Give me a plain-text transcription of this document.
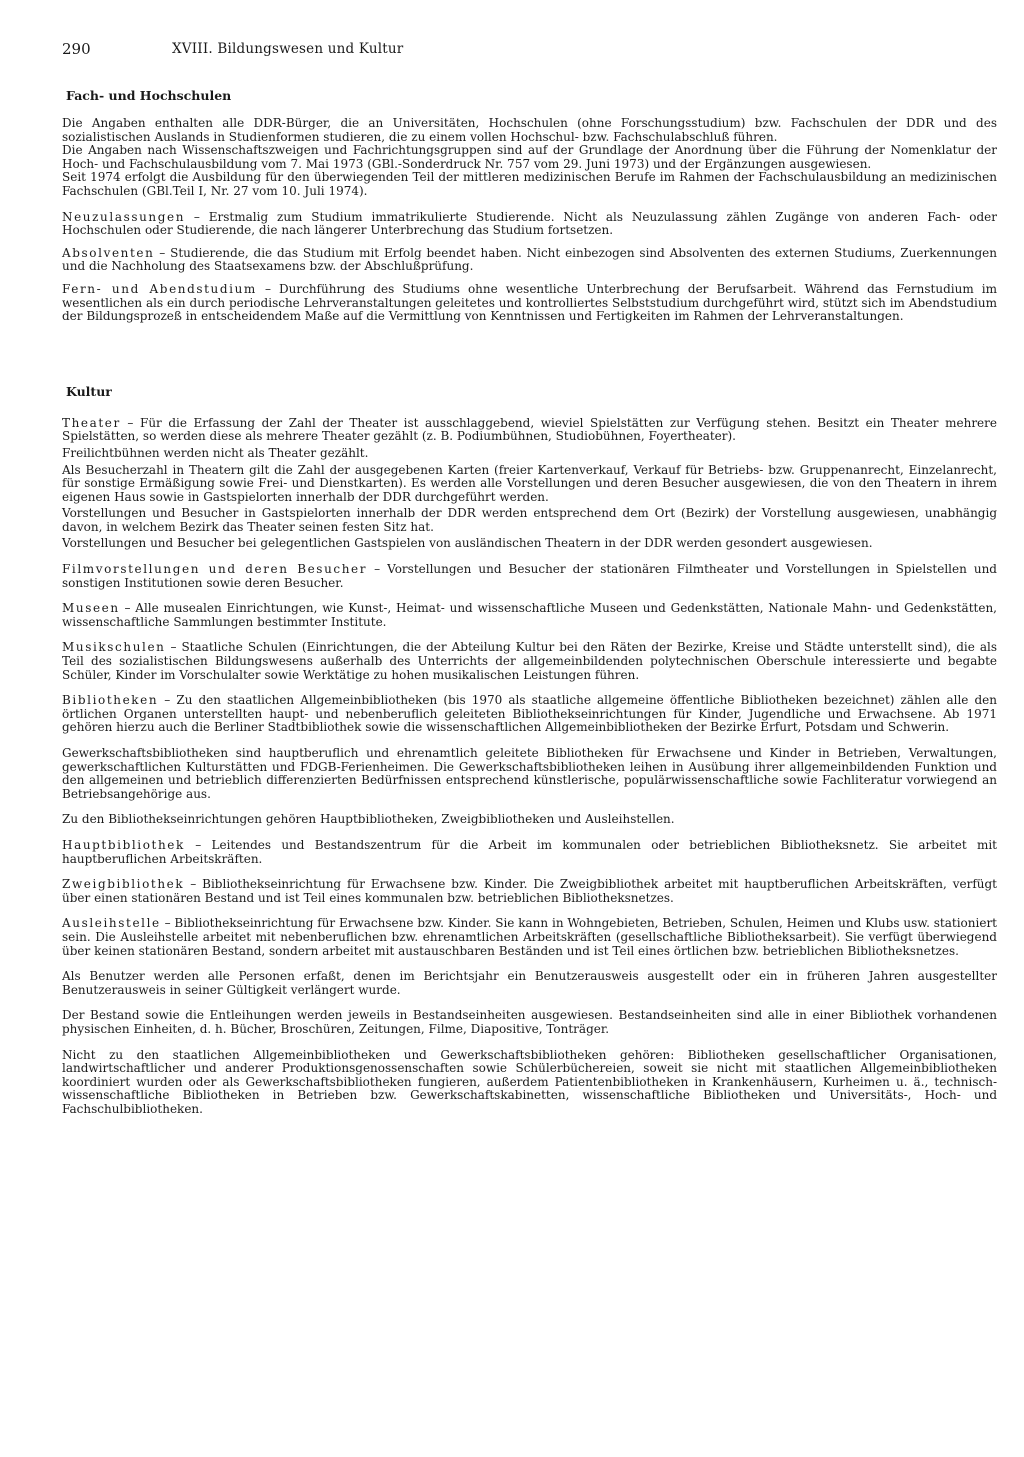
290	XVIII. Bildungswesen und Kultur
Fach- und Hochschulen

Die Angaben enthalten alle DDR-Bürger, die an Universitäten, Hochschulen (ohne Forschungsstudium) bzw. Fachschulen der DDR und des sozialistischen Auslands in Studienformen studieren, die zu einem vollen Hochschul- bzw. Fachschulabschluß führen.

Die Angaben nach Wissenschaftszweigen und Fachrichtungsgruppen sind auf der Grundlage der Anordnung über die Führung der Nomenklatur der Hoch- und Fachschulausbildung vom 7. Mai 1973 (GBl.-Sonderdruck Nr. 757 vom 29. Juni 1973) und der Ergänzungen ausgewiesen.

Seit 1974 erfolgt die Ausbildung für den überwiegenden Teil der mittleren medizinischen Berufe im Rahmen der Fachschulausbildung an medizinischen Fachschulen (GBl.Teil I, Nr. 27 vom 10. Juli 1974).

Neuzulassungen – Erstmalig zum Studium immatrikulierte Studierende. Nicht als Neuzulassung zählen Zugänge von anderen Fach- oder Hochschulen oder Studierende, die nach längerer Unterbrechung das Studium fortsetzen.

Absolventen – Studierende, die das Studium mit Erfolg beendet haben. Nicht einbezogen sind Absolventen des externen Studiums, Zuerkennungen und die Nachholung des Staatsexamens bzw. der Abschlußprüfung.

Fern- und Abendstudium – Durchführung des Studiums ohne wesentliche Unterbrechung der Berufsarbeit. Während das Fernstudium im wesentlichen als ein durch periodische Lehrveranstaltungen geleitetes und kontrolliertes Selbststudium durchgeführt wird, stützt sich im Abendstudium der Bildungsprozeß in entscheidendem Maße auf die Vermittlung von Kenntnissen und Fertigkeiten im Rahmen der Lehrveranstaltungen.

Kultur

Theater – Für die Erfassung der Zahl der Theater ist ausschlaggebend, wieviel Spielstätten zur Verfügung stehen. Besitzt ein Theater mehrere Spielstätten, so werden diese als mehrere Theater gezählt (z. B. Podiumbühnen, Studiobühnen, Foyertheater).

Freilichtbühnen werden nicht als Theater gezählt.

Als Besucherzahl in Theatern gilt die Zahl der ausgegebenen Karten (freier Kartenverkauf, Verkauf für Betriebs- bzw. Gruppenanrecht, Einzelanrecht, für sonstige Ermäßigung sowie Frei- und Dienstkarten). Es werden alle Vorstellungen und deren Besucher ausgewiesen, die von den Theatern in ihrem eigenen Haus sowie in Gastspielorten innerhalb der DDR durchgeführt werden.

Vorstellungen und Besucher in Gastspielorten innerhalb der DDR werden entsprechend dem Ort (Bezirk) der Vorstellung ausgewiesen, unabhängig davon, in welchem Bezirk das Theater seinen festen Sitz hat.

Vorstellungen und Besucher bei gelegentlichen Gastspielen von ausländischen Theatern in der DDR werden gesondert ausgewiesen.

Filmvorstellungen und deren Besucher – Vorstellungen und Besucher der stationären Filmtheater und Vorstellungen in Spielstellen und sonstigen Institutionen sowie deren Besucher.

Museen – Alle musealen Einrichtungen, wie Kunst-, Heimat- und wissenschaftliche Museen und Gedenkstätten, Nationale Mahn- und Gedenkstätten, wissenschaftliche Sammlungen bestimmter Institute.

Musikschulen – Staatliche Schulen (Einrichtungen, die der Abteilung Kultur bei den Räten der Bezirke, Kreise und Städte unterstellt sind), die als Teil des sozialistischen Bildungswesens außerhalb des Unterrichts der allgemeinbildenden polytechnischen Oberschule interessierte und begabte Schüler, Kinder im Vorschulalter sowie Werktätige zu hohen musikalischen Leistungen führen.

Bibliotheken – Zu den staatlichen Allgemeinbibliotheken (bis 1970 als staatliche allgemeine öffentliche Bibliotheken bezeichnet) zählen alle den örtlichen Organen unterstellten haupt- und nebenberuflich geleiteten Bibliothekseinrichtungen für Kinder, Jugendliche und Erwachsene. Ab 1971 gehören hierzu auch die Berliner Stadtbibliothek sowie die wissenschaftlichen Allgemeinbibliotheken der Bezirke Erfurt, Potsdam und Schwerin.

Gewerkschaftsbibliotheken sind hauptberuflich und ehrenamtlich geleitete Bibliotheken für Erwachsene und Kinder in Betrieben, Verwaltungen, gewerkschaftlichen Kulturstätten und FDGB-Ferienheimen. Die Gewerkschaftsbibliotheken leihen in Ausübung ihrer allgemeinbildenden Funktion und den allgemeinen und betrieblich differenzierten Bedürfnissen entsprechend künstlerische, populärwissenschaftliche sowie Fachliteratur vorwiegend an Betriebsangehörige aus.

Zu den Bibliothekseinrichtungen gehören Hauptbibliotheken, Zweigbibliotheken und Ausleihstellen.

Hauptbibliothek – Leitendes und Bestandszentrum für die Arbeit im kommunalen oder betrieblichen Bibliotheksnetz. Sie arbeitet mit hauptberuflichen Arbeitskräften.

Zweigbibliothek – Bibliothekseinrichtung für Erwachsene bzw. Kinder. Die Zweigbibliothek arbeitet mit hauptberuflichen Arbeitskräften, verfügt über einen stationären Bestand und ist Teil eines kommunalen bzw. betrieblichen Bibliotheksnetzes.

Ausleihstelle – Bibliothekseinrichtung für Erwachsene bzw. Kinder. Sie kann in Wohngebieten, Betrieben, Schulen, Heimen und Klubs usw. stationiert sein. Die Ausleihstelle arbeitet mit nebenberuflichen bzw. ehrenamtlichen Arbeitskräften (gesellschaftliche Bibliotheksarbeit). Sie verfügt überwiegend über keinen stationären Bestand, sondern arbeitet mit austauschbaren Beständen und ist Teil eines örtlichen bzw. betrieblichen Bibliotheksnetzes.

Als Benutzer werden alle Personen erfaßt, denen im Berichtsjahr ein Benutzerausweis ausgestellt oder ein in früheren Jahren ausgestellter Benutzerausweis in seiner Gültigkeit verlängert wurde.

Der Bestand sowie die Entleihungen werden jeweils in Bestandseinheiten ausgewiesen. Bestandseinheiten sind alle in einer Bibliothek vorhandenen physischen Einheiten, d. h. Bücher, Broschüren, Zeitungen, Filme, Diapositive, Tonträger.

Nicht zu den staatlichen Allgemeinbibliotheken und Gewerkschaftsbibliotheken gehören: Bibliotheken gesellschaftlicher Organisationen, landwirtschaftlicher und anderer Produktionsgenossenschaften sowie Schülerbüchereien, soweit sie nicht mit staatlichen Allgemeinbibliotheken koordiniert wurden oder als Gewerkschaftsbibliotheken fungieren, außerdem Patientenbibliotheken in Krankenhäusern, Kurheimen u. ä., technisch-wissenschaftliche Bibliotheken in Betrieben bzw. Gewerkschaftskabinetten, wissenschaftliche Bibliotheken und Universitäts-, Hoch- und Fachschulbibliotheken.
